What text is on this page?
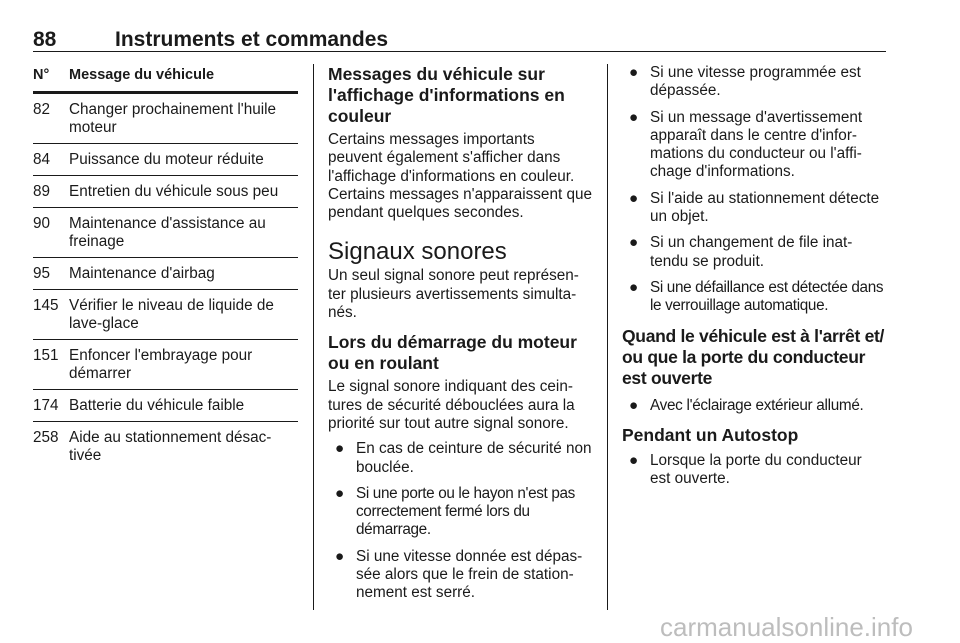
88	Instruments et commandes
N°	Message du véhicule
82	Changer prochainement l'huile moteur
84	Puissance du moteur réduite
89	Entretien du véhicule sous peu
90	Maintenance d'assistance au freinage
95	Maintenance d'airbag
145 Vérifier le niveau de liquide de lave-glace
151 Enfoncer l'embrayage pour démarrer
174 Batterie du véhicule faible
258 Aide au stationnement désac-tivée
Messages du véhicule sur l'affichage d'informations en couleur

Certains messages importants peuvent également s'afficher dans l'affichage d'informations en couleur. Certains messages n'apparaissent que pendant quelques secondes.

Signaux sonores

Un seul signal sonore peut représen-ter plusieurs avertissements simulta-nés.

Lors du démarrage du moteur ou en roulant

Le signal sonore indiquant des cein-tures de sécurité débouclées aura la priorité sur tout autre signal sonore.

● En cas de ceinture de sécurité non bouclée.
● Si une porte ou le hayon n'est pas correctement fermé lors du démarrage.
● Si une vitesse donnée est dépas-sée alors que le frein de station-nement est serré.
● Si une vitesse programmée est dépassée.
● Si un message d'avertissement apparaît dans le centre d'infor-mations du conducteur ou l'affi-chage d'informations.
● Si l'aide au stationnement détecte un objet.
● Si un changement de file inat-tendu se produit.
● Si une défaillance est détectée dans le verrouillage automatique.
Quand le véhicule est à l'arrêt et/ ou que la porte du conducteur est ouverte
● Avec l'éclairage extérieur allumé.
Pendant un Autostop
● Lorsque la porte du conducteur est ouverte.
carmanualsonline.info
